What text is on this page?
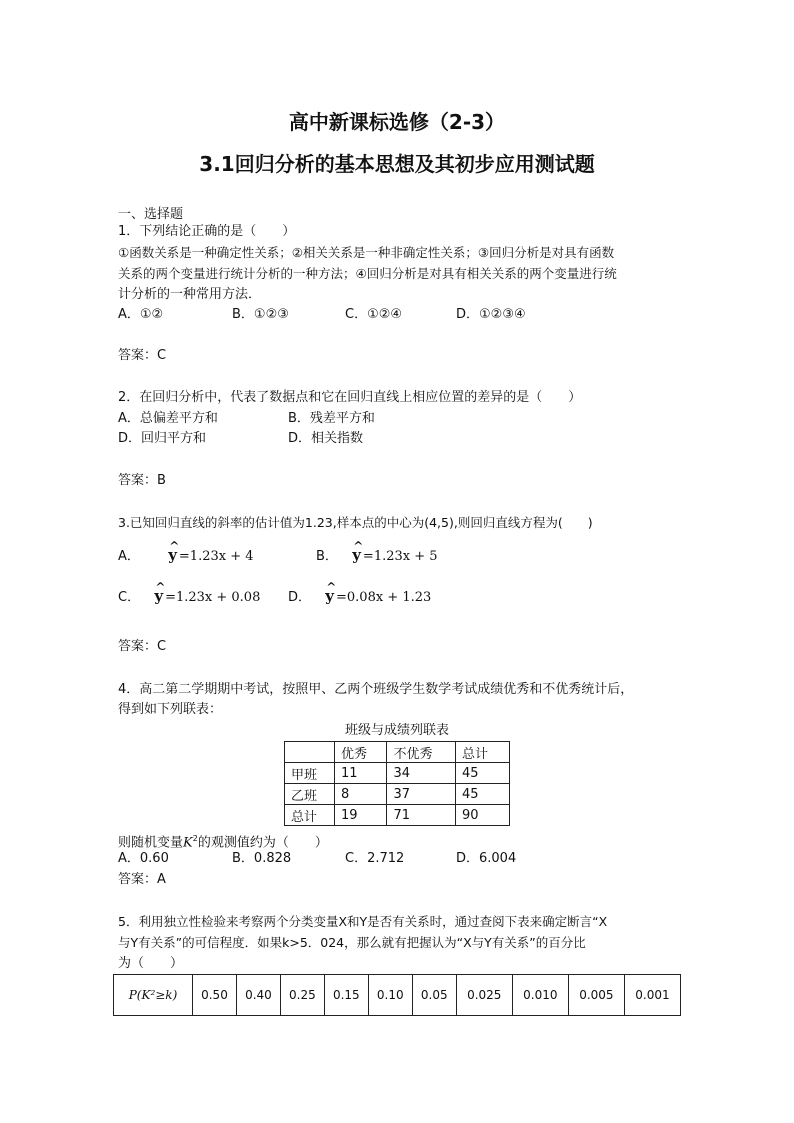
高中新课标选修（2-3）
3.1回归分析的基本思想及其初步应用测试题
一、选择题
1．下列结论正确的是（　　）
①函数关系是一种确定性关系；②相关关系是一种非确定性关系；③回归分析是对具有函数
关系的两个变量进行统计分析的一种方法；④回归分析是对具有相关关系的两个变量进行统
计分析的一种常用方法．
A．①②	B．①②③	C．①②④	D．①②③④
答案：C
2．在回归分析中，代表了数据点和它在回归直线上相应位置的差异的是（　　）
A．总偏差平方和	B．残差平方和
D．回归平方和	D．相关指数
答案：B
3.已知回归直线的斜率的估计值为1.23,样本点的中心为(4,5),则回归直线方程为(　　)
A． ^ y =1.23x + 4	B． ^ y =1.23x + 5
C． ^ y =1.23x + 0.08 D． ^ y =0.08x + 1.23
答案：C
4．高二第二学期期中考试，按照甲、乙两个班级学生数学考试成绩优秀和不优秀统计后，
得到如下列联表：
班级与成绩列联表
	优秀	不优秀	总计
甲班	11	34	45
乙班	8	37	45
总计	19	71	90
则随机变量$K^2$的观测值约为（　　）
A．0.60	B．0.828	C．2.712	D．6.004
答案：A
5．利用独立性检验来考察两个分类变量X和Y是否有关系时，通过查阅下表来确定断言“X
与Y有关系”的可信程度．如果k>5．024，那么就有把握认为“X与Y有关系”的百分比
为（　　）
P(K²≥k)	0.50	0.40	0.25	0.15	0.10	0.05	0.025	0.010	0.005	0.001
